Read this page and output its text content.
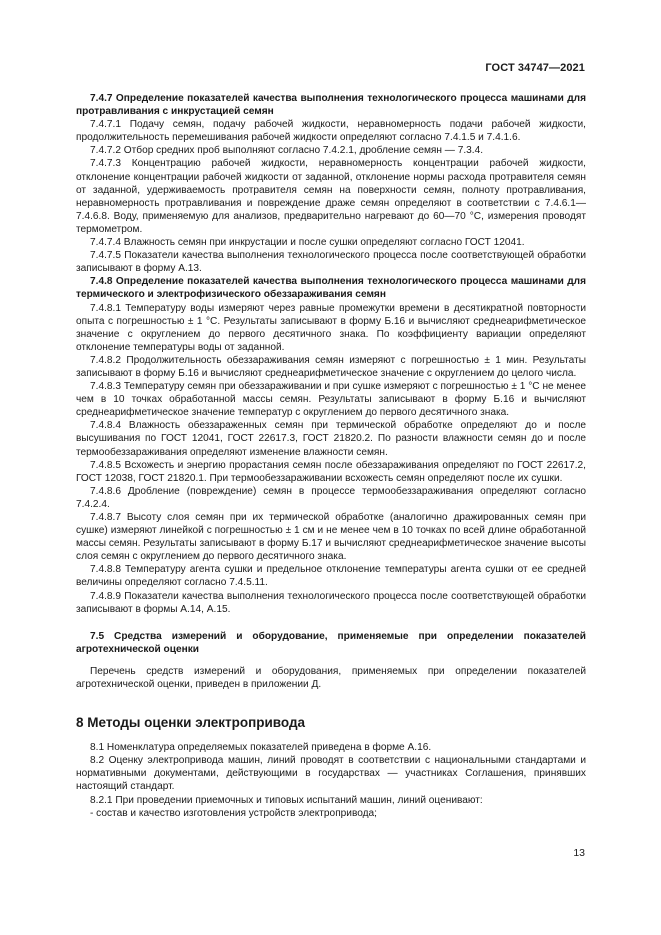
ГОСТ 34747—2021

7.4.7 Определение показателей качества выполнения технологического процесса машинами для протравливания с инкрустацией семян

7.4.7.1 Подачу семян, подачу рабочей жидкости, неравномерность подачи рабочей жидкости, продолжительность перемешивания рабочей жидкости определяют согласно 7.4.1.5 и 7.4.1.6.

7.4.7.2 Отбор средних проб выполняют согласно 7.4.2.1, дробление семян — 7.3.4.

7.4.7.3 Концентрацию рабочей жидкости, неравномерность концентрации рабочей жидкости, отклонение концентрации рабочей жидкости от заданной, отклонение нормы расхода протравителя семян от заданной, удерживаемость протравителя семян на поверхности семян, полноту протравливания, неравномерность протравливания и повреждение драже семян определяют в соответствии с 7.4.6.1—7.4.6.8. Воду, применяемую для анализов, предварительно нагревают до 60—70 °С, измерения проводят термометром.

7.4.7.4 Влажность семян при инкрустации и после сушки определяют согласно ГОСТ 12041.

7.4.7.5 Показатели качества выполнения технологического процесса после соответствующей обработки записывают в форму А.13.

7.4.8 Определение показателей качества выполнения технологического процесса машинами для термического и электрофизического обеззараживания семян

7.4.8.1 Температуру воды измеряют через равные промежутки времени в десятикратной повторности опыта с погрешностью ± 1 °С. Результаты записывают в форму Б.16 и вычисляют среднеарифметическое значение с округлением до первого десятичного знака. По коэффициенту вариации определяют отклонение температуры воды от заданной.

7.4.8.2 Продолжительность обеззараживания семян измеряют с погрешностью ± 1 мин. Результаты записывают в форму Б.16 и вычисляют среднеарифметическое значение с округлением до целого числа.

7.4.8.3 Температуру семян при обеззараживании и при сушке измеряют с погрешностью ± 1 °С не менее чем в 10 точках обработанной массы семян. Результаты записывают в форму Б.16 и вычисляют среднеарифметическое значение температур с округлением до первого десятичного знака.

7.4.8.4 Влажность обеззараженных семян при термической обработке определяют до и после высушивания по ГОСТ 12041, ГОСТ 22617.3, ГОСТ 21820.2. По разности влажности семян до и после термообеззараживания определяют изменение влажности семян.

7.4.8.5 Всхожесть и энергию прорастания семян после обеззараживания определяют по ГОСТ 22617.2, ГОСТ 12038, ГОСТ 21820.1. При термообеззараживании всхожесть семян определяют после их сушки.

7.4.8.6 Дробление (повреждение) семян в процессе термообеззараживания определяют согласно 7.4.2.4.

7.4.8.7 Высоту слоя семян при их термической обработке (аналогично дражированных семян при сушке) измеряют линейкой с погрешностью ± 1 см и не менее чем в 10 точках по всей длине обработанной массы семян. Результаты записывают в форму Б.17 и вычисляют среднеарифметическое значение высоты слоя семян с округлением до первого десятичного знака.

7.4.8.8 Температуру агента сушки и предельное отклонение температуры агента сушки от ее средней величины определяют согласно 7.4.5.11.

7.4.8.9 Показатели качества выполнения технологического процесса после соответствующей обработки записывают в формы А.14, А.15.

7.5 Средства измерений и оборудование, применяемые при определении показателей агротехнической оценки

Перечень средств измерений и оборудования, применяемых при определении показателей агротехнической оценки, приведен в приложении Д.

8 Методы оценки электропривода

8.1 Номенклатура определяемых показателей приведена в форме А.16.

8.2 Оценку электропривода машин, линий проводят в соответствии с национальными стандартами и нормативными документами, действующими в государствах — участниках Соглашения, принявших настоящий стандарт.

8.2.1 При проведении приемочных и типовых испытаний машин, линий оценивают:

- состав и качество изготовления устройств электропривода;

13
